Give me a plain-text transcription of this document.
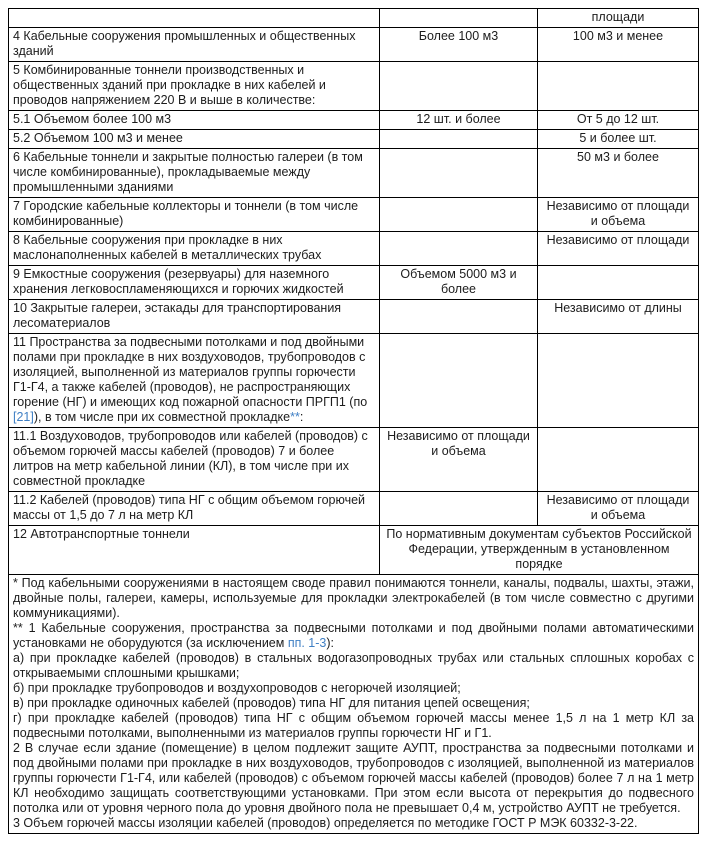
		площади
4 Кабельные сооружения промышленных и общественных зданий	Более 100 м3	100 м3 и менее
5 Комбинированные тоннели производственных и общественных зданий при прокладке в них кабелей и проводов напряжением 220 В и выше в количестве:		
5.1 Объемом более 100 м3	12 шт. и более	От 5 до 12 шт.
5.2 Объемом 100 м3 и менее		5 и более шт.
6 Кабельные тоннели и закрытые полностью галереи (в том числе комбинированные), прокладываемые между промышленными зданиями		50 м3 и более
7 Городские кабельные коллекторы и тоннели (в том числе комбинированные)		Независимо от площади и объема
8 Кабельные сооружения при прокладке в них маслонаполненных кабелей в металлических трубах		Независимо от площади
9 Емкостные сооружения (резервуары) для наземного хранения легковоспламеняющихся и горючих жидкостей	Объемом 5000 м3 и более	
10 Закрытые галереи, эстакады для транспортирования лесоматериалов		Независимо от длины
11 Пространства за подвесными потолками и под двойными полами при прокладке в них воздуховодов, трубопроводов с изоляцией, выполненной из материалов группы горючести Г1-Г4, а также кабелей (проводов), не распространяющих горение (НГ) и имеющих код пожарной опасности ПРГП1 (по [21]), в том числе при их совместной прокладке**:		
11.1 Воздуховодов, трубопроводов или кабелей (проводов) с объемом горючей массы кабелей (проводов) 7 и более литров на метр кабельной линии (КЛ), в том числе при их совместной прокладке	Независимо от площади и объема	
11.2 Кабелей (проводов) типа НГ с общим объемом горючей массы от 1,5 до 7 л на метр КЛ		Независимо от площади и объема
12 Автотранспортные тоннели	По нормативным документам субъектов Российской Федерации, утвержденным в установленном порядке	

* Под кабельными сооружениями в настоящем своде правил понимаются тоннели, каналы, подвалы, шахты, этажи, двойные полы, галереи, камеры, используемые для прокладки электрокабелей (в том числе совместно с другими коммуникациями).

** 1 Кабельные сооружения, пространства за подвесными потолками и под двойными полами автоматическими установками не оборудуются (за исключением пп. 1-3):

а) при прокладке кабелей (проводов) в стальных водогазопроводных трубах или стальных сплошных коробах с открываемыми сплошными крышками;

б) при прокладке трубопроводов и воздухопроводов с негорючей изоляцией;

в) при прокладке одиночных кабелей (проводов) типа НГ для питания цепей освещения;

г) при прокладке кабелей (проводов) типа НГ с общим объемом горючей массы менее 1,5 л на 1 метр КЛ за подвесными потолками, выполненными из материалов группы горючести НГ и Г1.

2 В случае если здание (помещение) в целом подлежит защите АУПТ, пространства за подвесными потолками и под двойными полами при прокладке в них воздуховодов, трубопроводов с изоляцией, выполненной из материалов группы горючести Г1-Г4, или кабелей (проводов) с объемом горючей массы кабелей (проводов) более 7 л на 1 метр КЛ необходимо защищать соответствующими установками. При этом если высота от перекрытия до подвесного потолка или от уровня черного пола до уровня двойного пола не превышает 0,4 м, устройство АУПТ не требуется.

3 Объем горючей массы изоляции кабелей (проводов) определяется по методике ГОСТ Р МЭК 60332-3-22.
